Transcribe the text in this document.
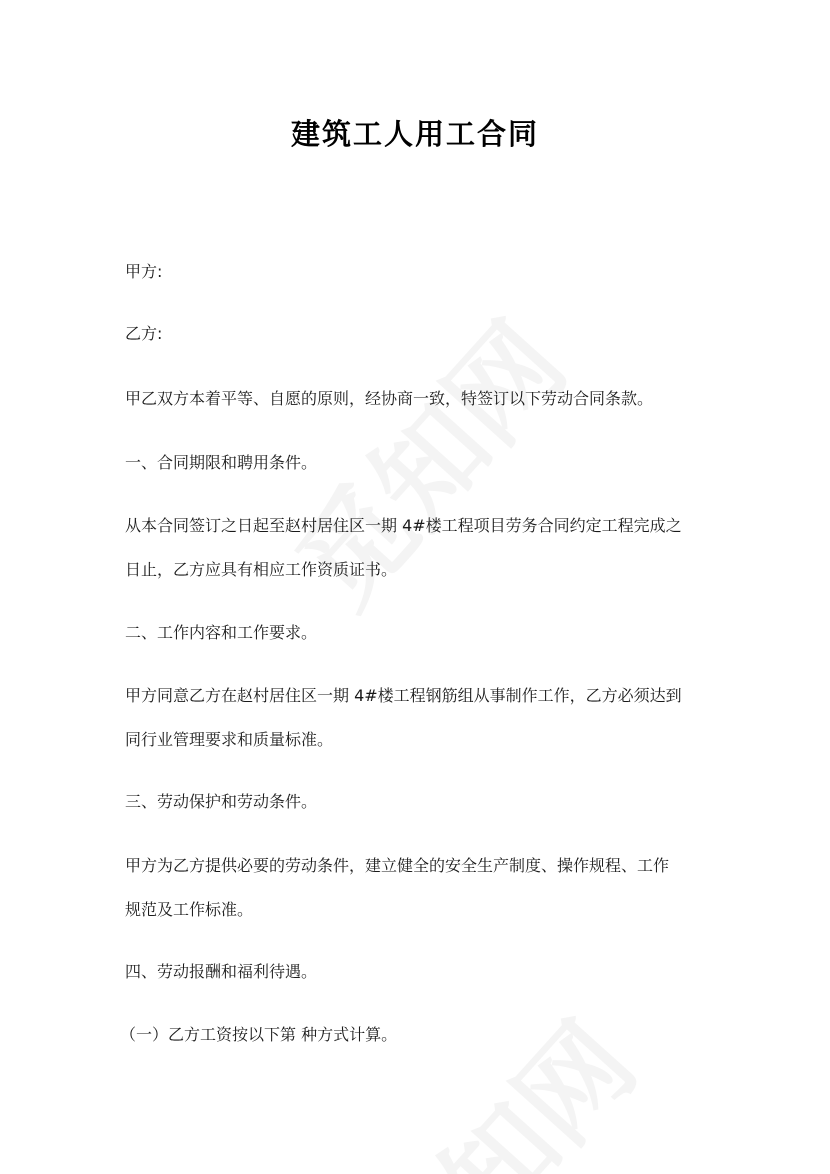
建筑工人用工合同
甲方:
乙方:
甲乙双方本着平等、自愿的原则，经协商一致，特签订以下劳动合同条款。
一、合同期限和聘用条件。
从本合同签订之日起至赵村居住区一期 4#楼工程项目劳务合同约定工程完成之
日止，乙方应具有相应工作资质证书。
二、工作内容和工作要求。
甲方同意乙方在赵村居住区一期 4#楼工程钢筋组从事制作工作，乙方必须达到
同行业管理要求和质量标准。
三、劳动保护和劳动条件。
甲方为乙方提供必要的劳动条件，建立健全的安全生产制度、操作规程、工作
规范及工作标准。
四、劳动报酬和福利待遇。
（一）乙方工资按以下第 种方式计算。
